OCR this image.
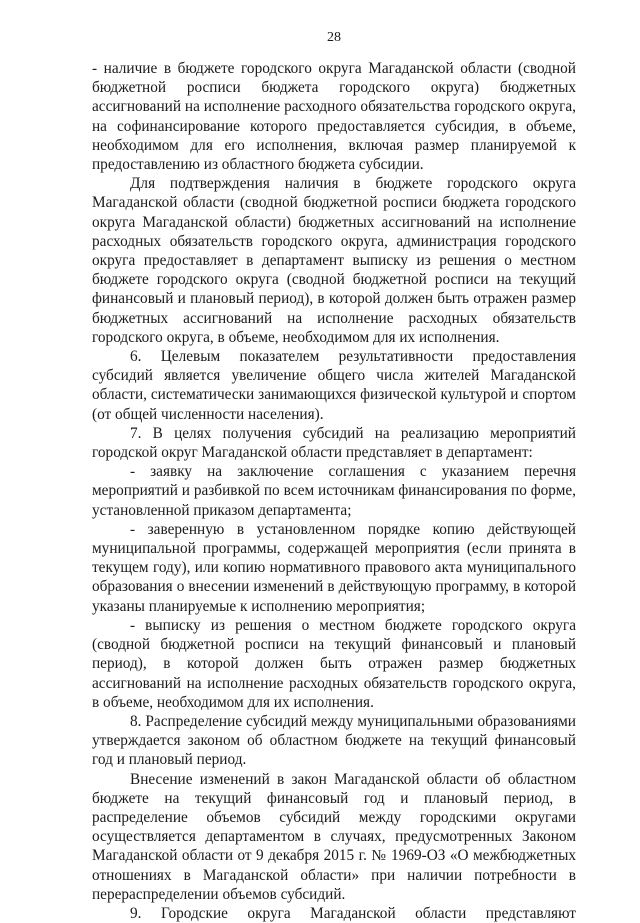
28

- наличие в бюджете городского округа Магаданской области (сводной бюджетной росписи бюджета городского округа) бюджетных ассигнований на исполнение расходного обязательства городского округа, на софинансирование которого предоставляется субсидия, в объеме, необходимом для его исполнения, включая размер планируемой к предоставлению из областного бюджета субсидии.

Для подтверждения наличия в бюджете городского округа Магаданской области (сводной бюджетной росписи бюджета городского округа Магаданской области) бюджетных ассигнований на исполнение расходных обязательств городского округа, администрация городского округа предоставляет в департамент выписку из решения о местном бюджете городского округа (сводной бюджетной росписи на текущий финансовый и плановый период), в которой должен быть отражен размер бюджетных ассигнований на исполнение расходных обязательств городского округа, в объеме, необходимом для их исполнения.

6. Целевым показателем результативности предоставления субсидий является увеличение общего числа жителей Магаданской области, систематически занимающихся физической культурой и спортом (от общей численности населения).

7. В целях получения субсидий на реализацию мероприятий городской округ Магаданской области представляет в департамент:

- заявку на заключение соглашения с указанием перечня мероприятий и разбивкой по всем источникам финансирования по форме, установленной приказом департамента;

- заверенную в установленном порядке копию действующей муниципальной программы, содержащей мероприятия (если принята в текущем году), или копию нормативного правового акта муниципального образования о внесении изменений в действующую программу, в которой указаны планируемые к исполнению мероприятия;

- выписку из решения о местном бюджете городского округа (сводной бюджетной росписи на текущий финансовый и плановый период), в которой должен быть отражен размер бюджетных ассигнований на исполнение расходных обязательств городского округа, в объеме, необходимом для их исполнения.

8. Распределение субсидий между муниципальными образованиями утверждается законом об областном бюджете на текущий финансовый год и плановый период.

Внесение изменений в закон Магаданской области об областном бюджете на текущий финансовый год и плановый период, в распределение объемов субсидий между городскими округами осуществляется департаментом в случаях, предусмотренных Законом Магаданской области от 9 декабря 2015 г. № 1969-ОЗ «О межбюджетных отношениях в Магаданской области» при наличии потребности в перераспределении объемов субсидий.

9. Городские округа Магаданской области представляют
